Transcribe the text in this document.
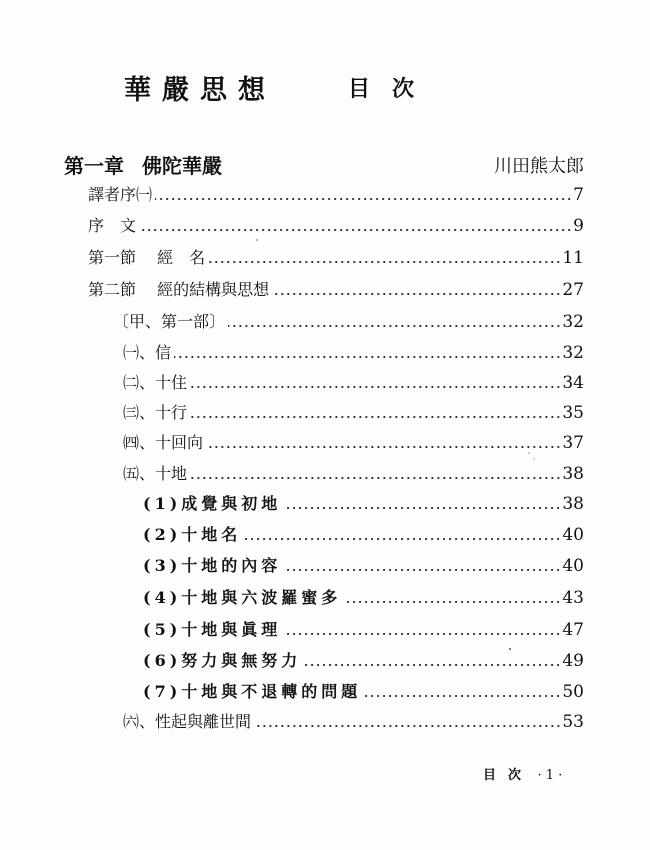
華嚴思想	目次
第一章 佛陀華嚴	川田熊太郎
譯者序㈠	7
序　文	9
第一節　 經　名	11
第二節　 經的結構與思想	27
〔甲、第一部〕	32
㈠、信	32
㈡、十住	34
㈢、十行	35
㈣、十回向	37
㈤、十地	38
(1)成覺與初地	38
(2)十地名	40
(3)十地的內容	40
(4)十地與六波羅蜜多	43
(5)十地與眞理	47
(6)努力與無努力	49
(7)十地與不退轉的問題	50
㈥、性起與離世間	53
目次 · 1 ·
